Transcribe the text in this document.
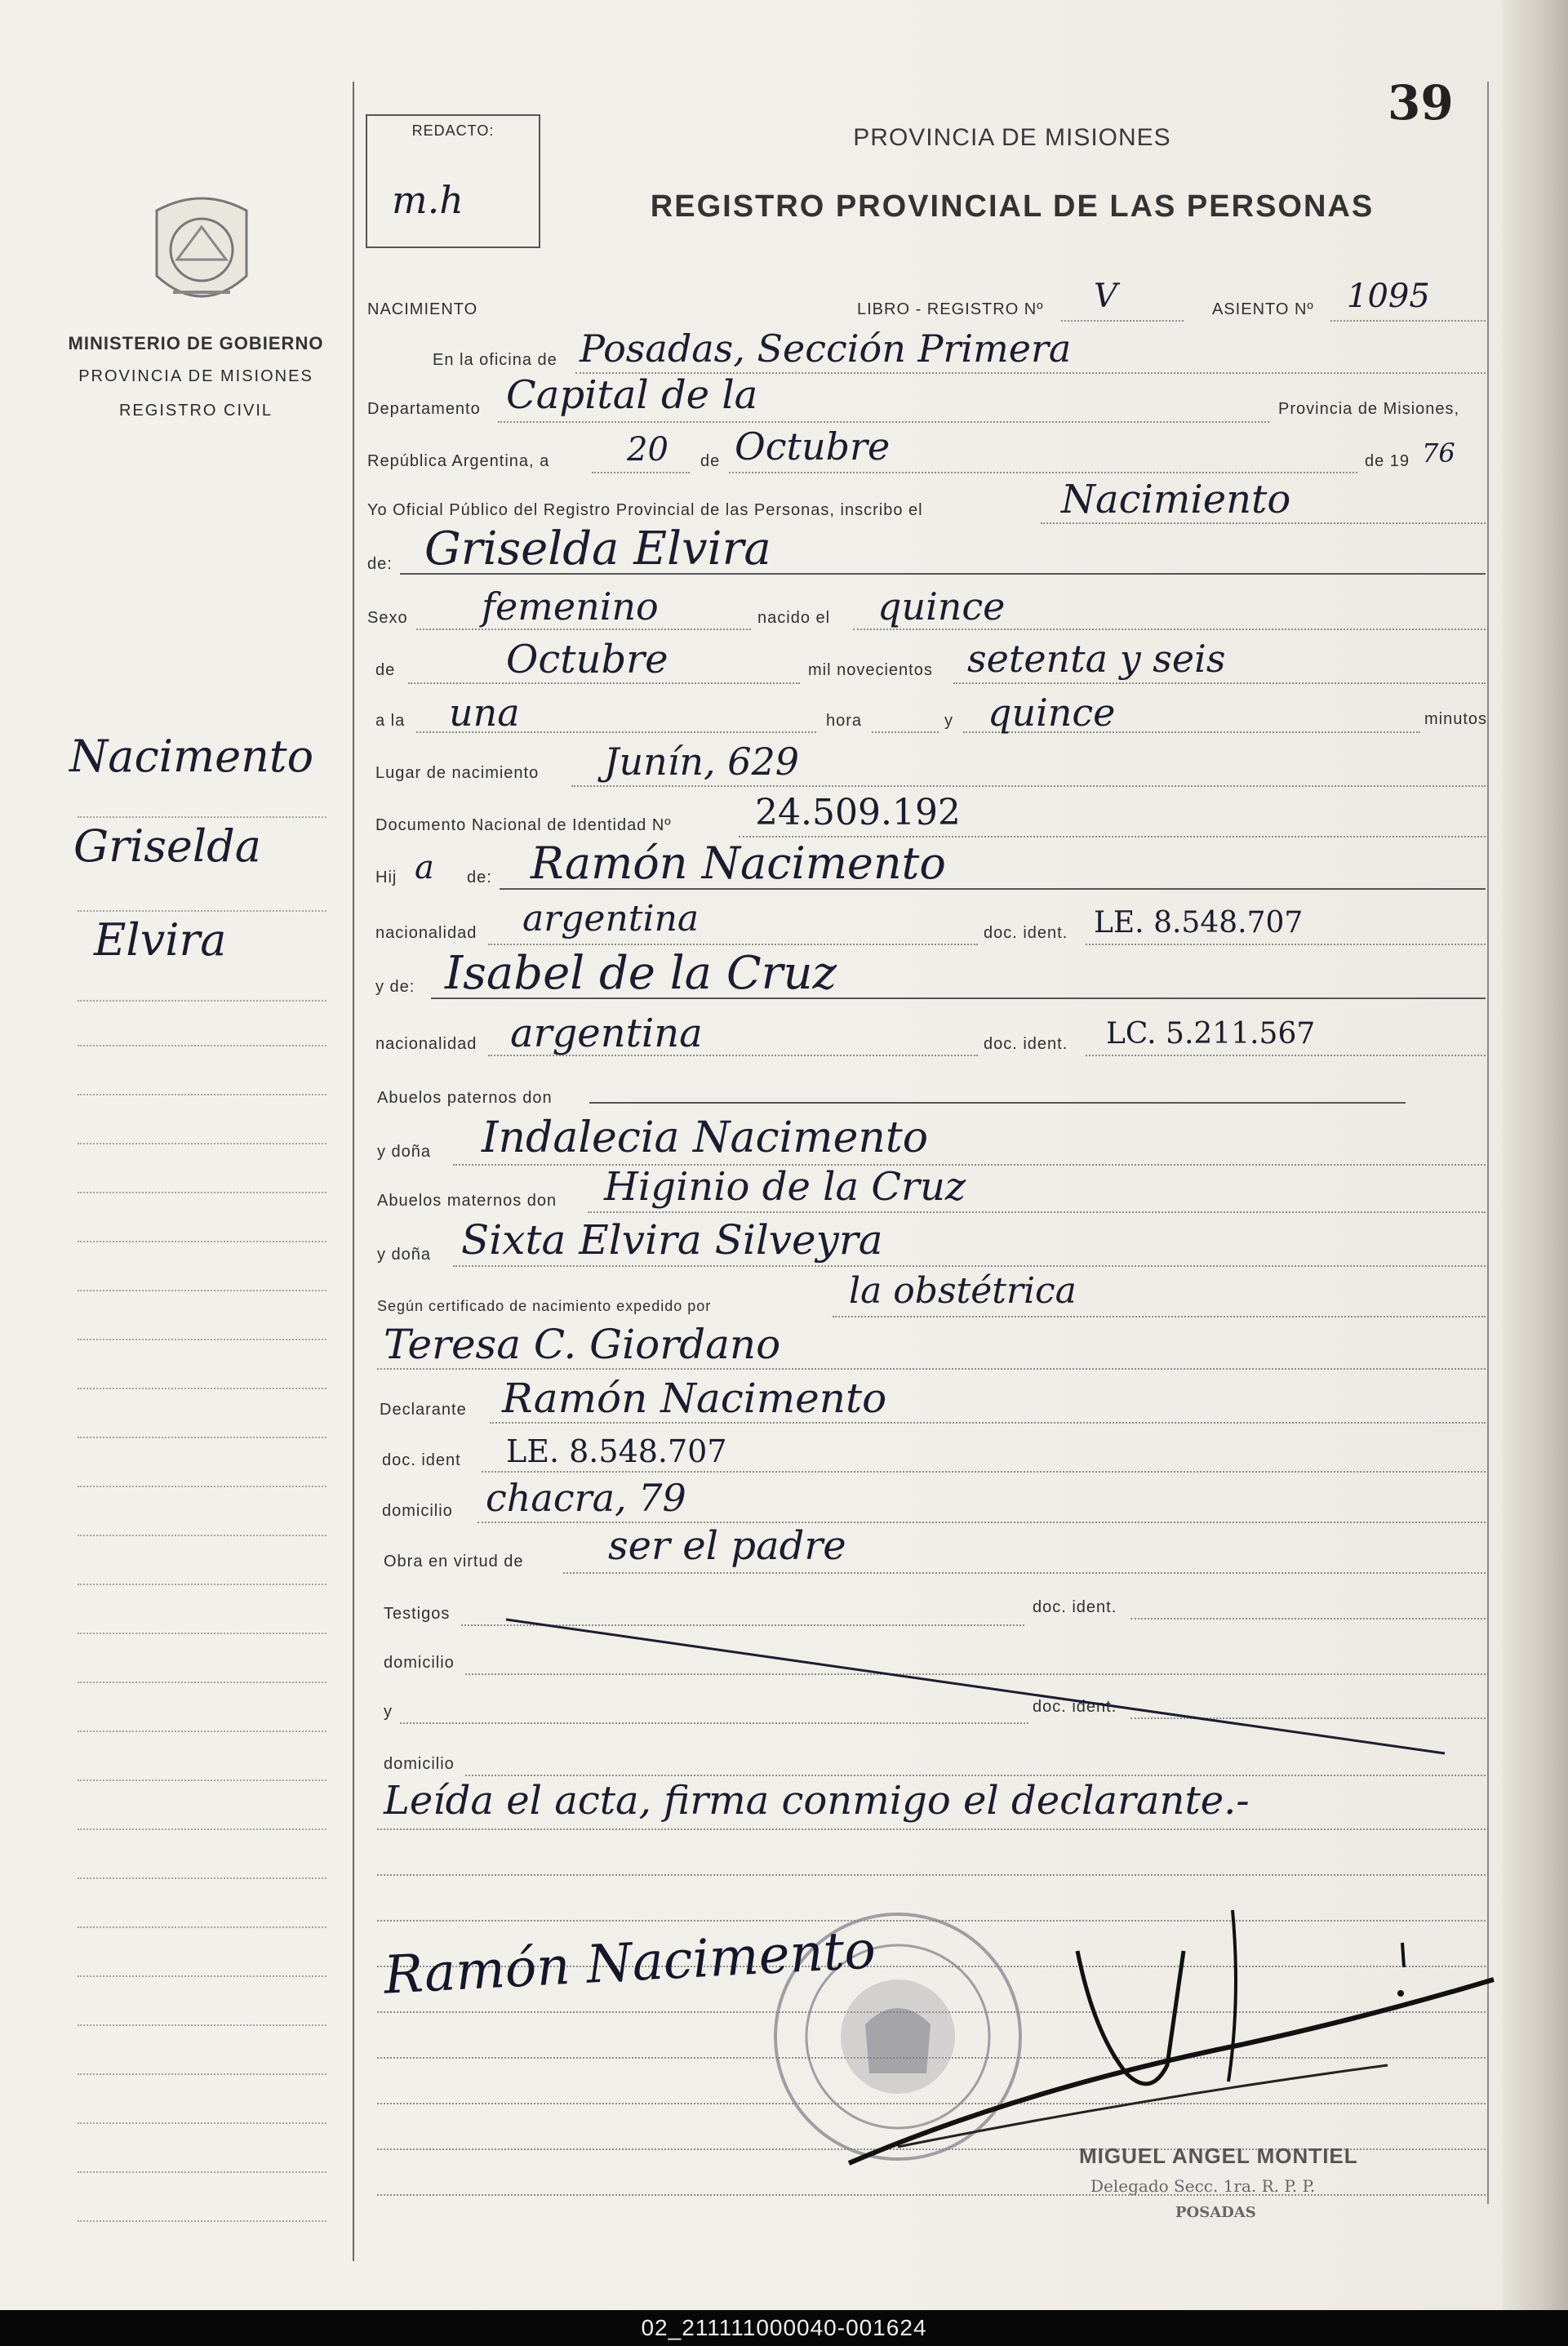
39
REDACTO:
m.h
PROVINCIA DE MISIONES
REGISTRO PROVINCIAL DE LAS PERSONAS
MINISTERIO DE GOBIERNO
PROVINCIA DE MISIONES
REGISTRO CIVIL
Nacimento
Griselda
Elvira
NACIMIENTO	LIBRO - REGISTRO Nº V	ASIENTO Nº 1095
En la oficina de Posadas, Sección Primera
Departamento Capital de la	Provincia de Misiones,
República Argentina, a 20 de Octubre	de 19 76
Yo Oficial Público del Registro Provincial de las Personas, inscribo el	Nacimiento
de: Griselda Elvira
Sexo femenino	nacido el quince
de	Octubre	mil novecientos setenta y seis
a la una	hora	y quince	minutos
Lugar de nacimiento Junín, 629
Documento Nacional de Identidad Nº 24.509.192
Hij a de: Ramón Nacimento
nacionalidad argentina	doc. ident. LE. 8.548.707
y de: Isabel de la Cruz
nacionalidad argentina	doc. ident. LC. 5.211.567
Abuelos paternos don
y doña Indalecia Nacimento
Abuelos maternos don Higinio de la Cruz
y doña Sixta Elvira Silveyra
Según certificado de nacimiento expedido por	la obstétrica
Teresa C. Giordano
Declarante Ramón Nacimento
doc. ident LE. 8.548.707
domicilio chacra, 79
Obra en virtud de ser el padre
Testigos	doc. ident.
domicilio
y	doc. ident.
domicilio
Leída el acta, firma conmigo el declarante.-
Ramón Nacimento
MIGUEL ANGEL MONTIEL
Delegado Secc. 1ra. R. P. P.
POSADAS
02_211111000040-001624
